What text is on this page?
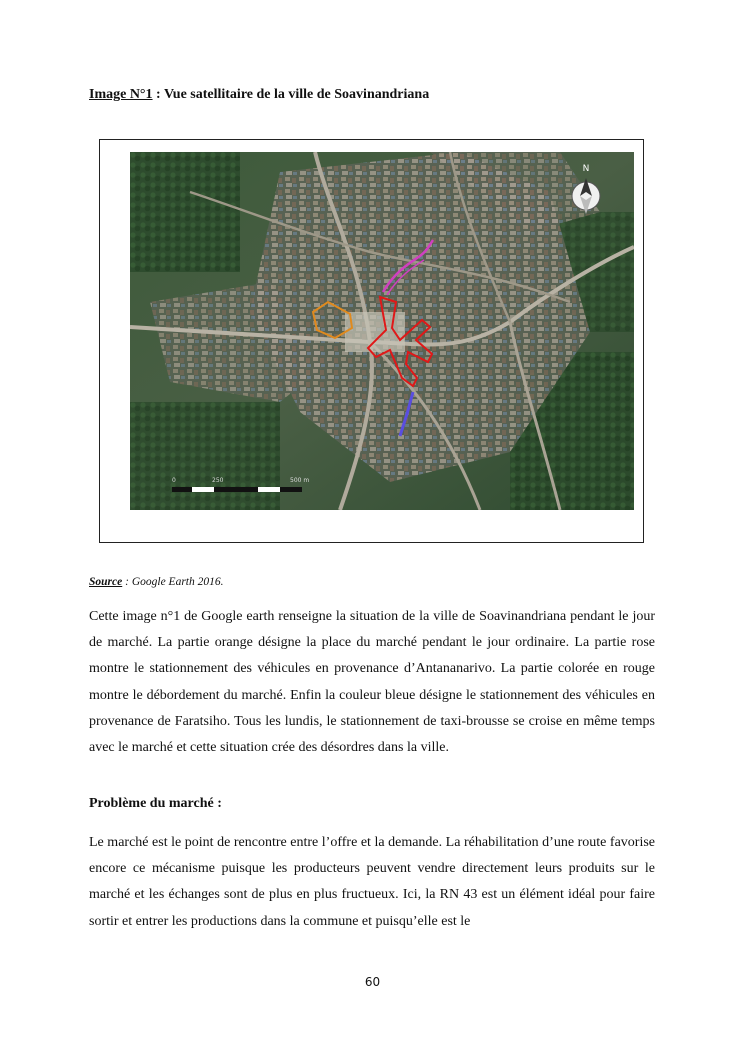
Image N°1 : Vue satellitaire de la ville de Soavinandriana
N
0	250	500 m
Source : Google Earth 2016.

Cette image n°1 de Google earth renseigne la situation de la ville de Soavinandriana pendant le jour de marché. La partie orange désigne la place du marché pendant le jour ordinaire. La partie rose montre le stationnement des véhicules en provenance d’Antananarivo. La partie colorée en rouge montre le débordement du marché. Enfin la couleur bleue désigne le stationnement des véhicules en provenance de Faratsiho. Tous les lundis, le stationnement de taxi-brousse se croise en même temps avec le marché et cette situation crée des désordres dans la ville.

Problème du marché :

Le marché est le point de rencontre entre l’offre et la demande. La réhabilitation d’une route favorise encore ce mécanisme puisque les producteurs peuvent vendre directement leurs produits sur le marché et les échanges sont de plus en plus fructueux. Ici, la RN 43 est un élément idéal pour faire sortir et entrer les productions dans la commune et puisqu’elle est le

60
